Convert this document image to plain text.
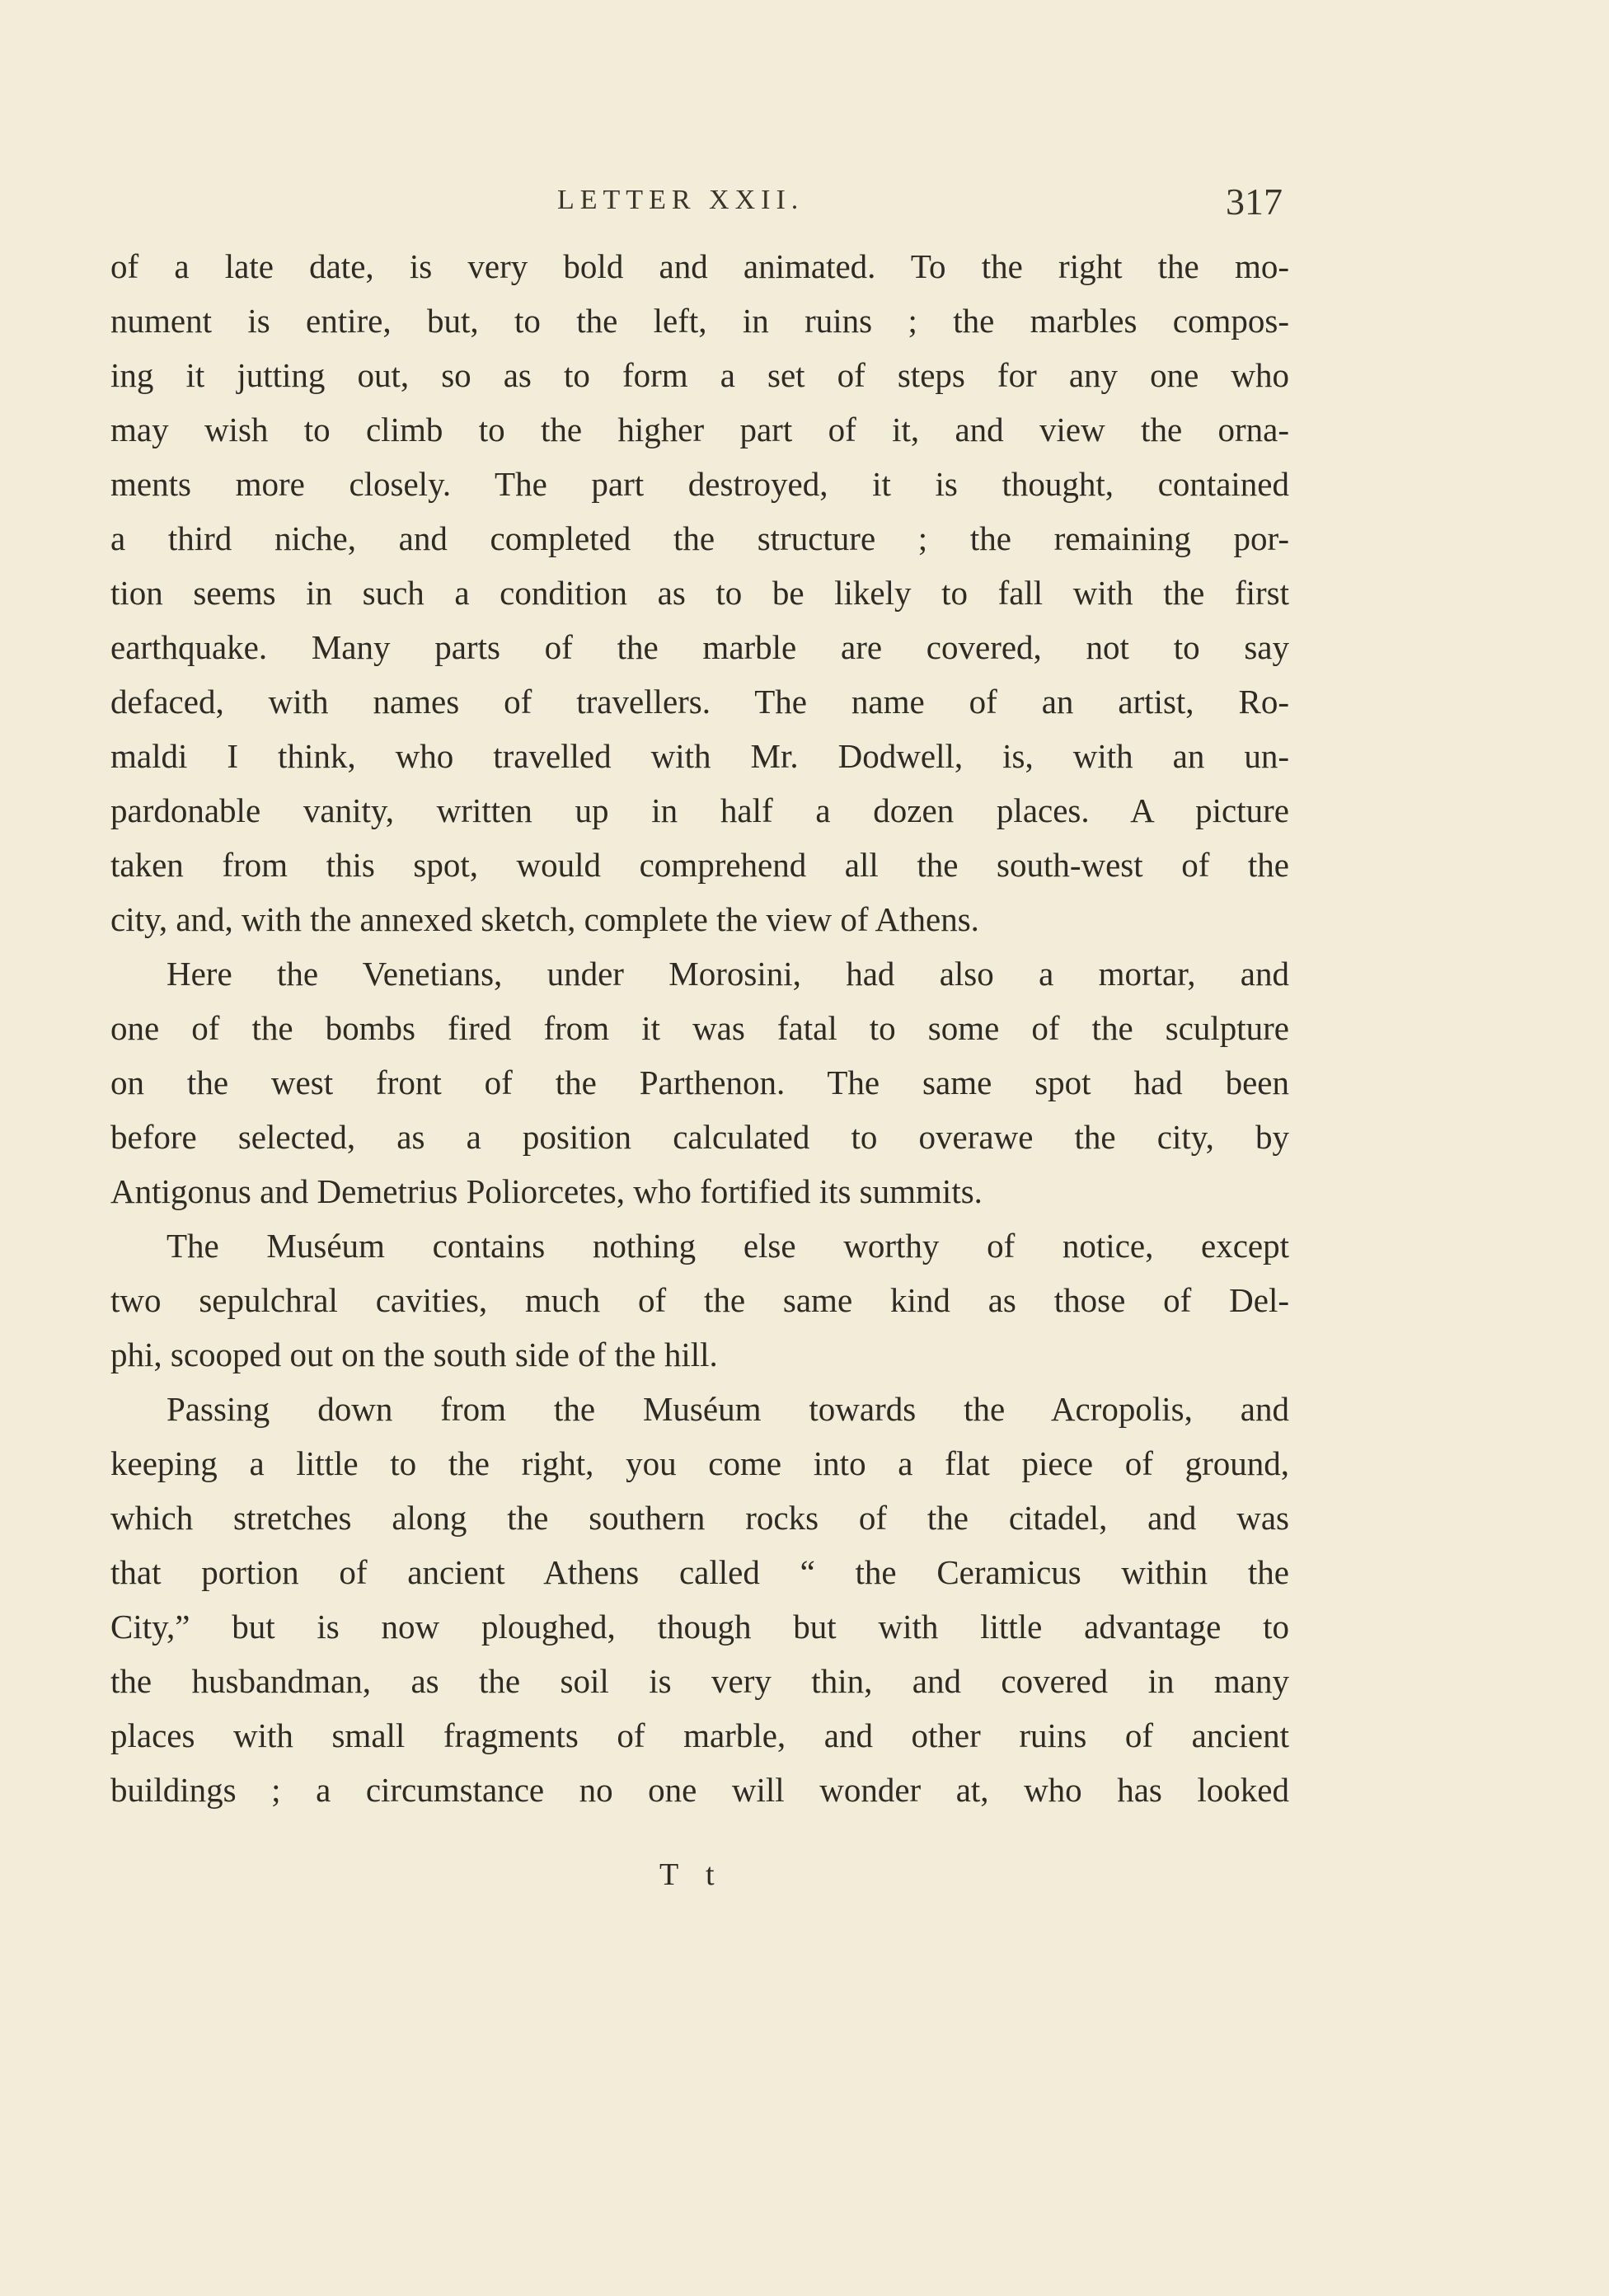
LETTER XXII.	317
of a late date, is very bold and animated. To the right the mo-
nument is entire, but, to the left, in ruins ; the marbles compos-
ing it jutting out, so as to form a set of steps for any one who
may wish to climb to the higher part of it, and view the orna-
ments more closely. The part destroyed, it is thought, contained
a third niche, and completed the structure ; the remaining por-
tion seems in such a condition as to be likely to fall with the first
earthquake. Many parts of the marble are covered, not to say
defaced, with names of travellers. The name of an artist, Ro-
maldi I think, who travelled with Mr. Dodwell, is, with an un-
pardonable vanity, written up in half a dozen places. A picture
taken from this spot, would comprehend all the south-west of the
city, and, with the annexed sketch, complete the view of Athens.
Here the Venetians, under Morosini, had also a mortar, and
one of the bombs fired from it was fatal to some of the sculpture
on the west front of the Parthenon. The same spot had been
before selected, as a position calculated to overawe the city, by
Antigonus and Demetrius Poliorcetes, who fortified its summits.
The Muséum contains nothing else worthy of notice, except
two sepulchral cavities, much of the same kind as those of Del-
phi, scooped out on the south side of the hill.
Passing down from the Muséum towards the Acropolis, and
keeping a little to the right, you come into a flat piece of ground,
which stretches along the southern rocks of the citadel, and was
that portion of ancient Athens called “ the Ceramicus within the
City,” but is now ploughed, though but with little advantage to
the husbandman, as the soil is very thin, and covered in many
places with small fragments of marble, and other ruins of ancient
buildings ; a circumstance no one will wonder at, who has looked
T t
